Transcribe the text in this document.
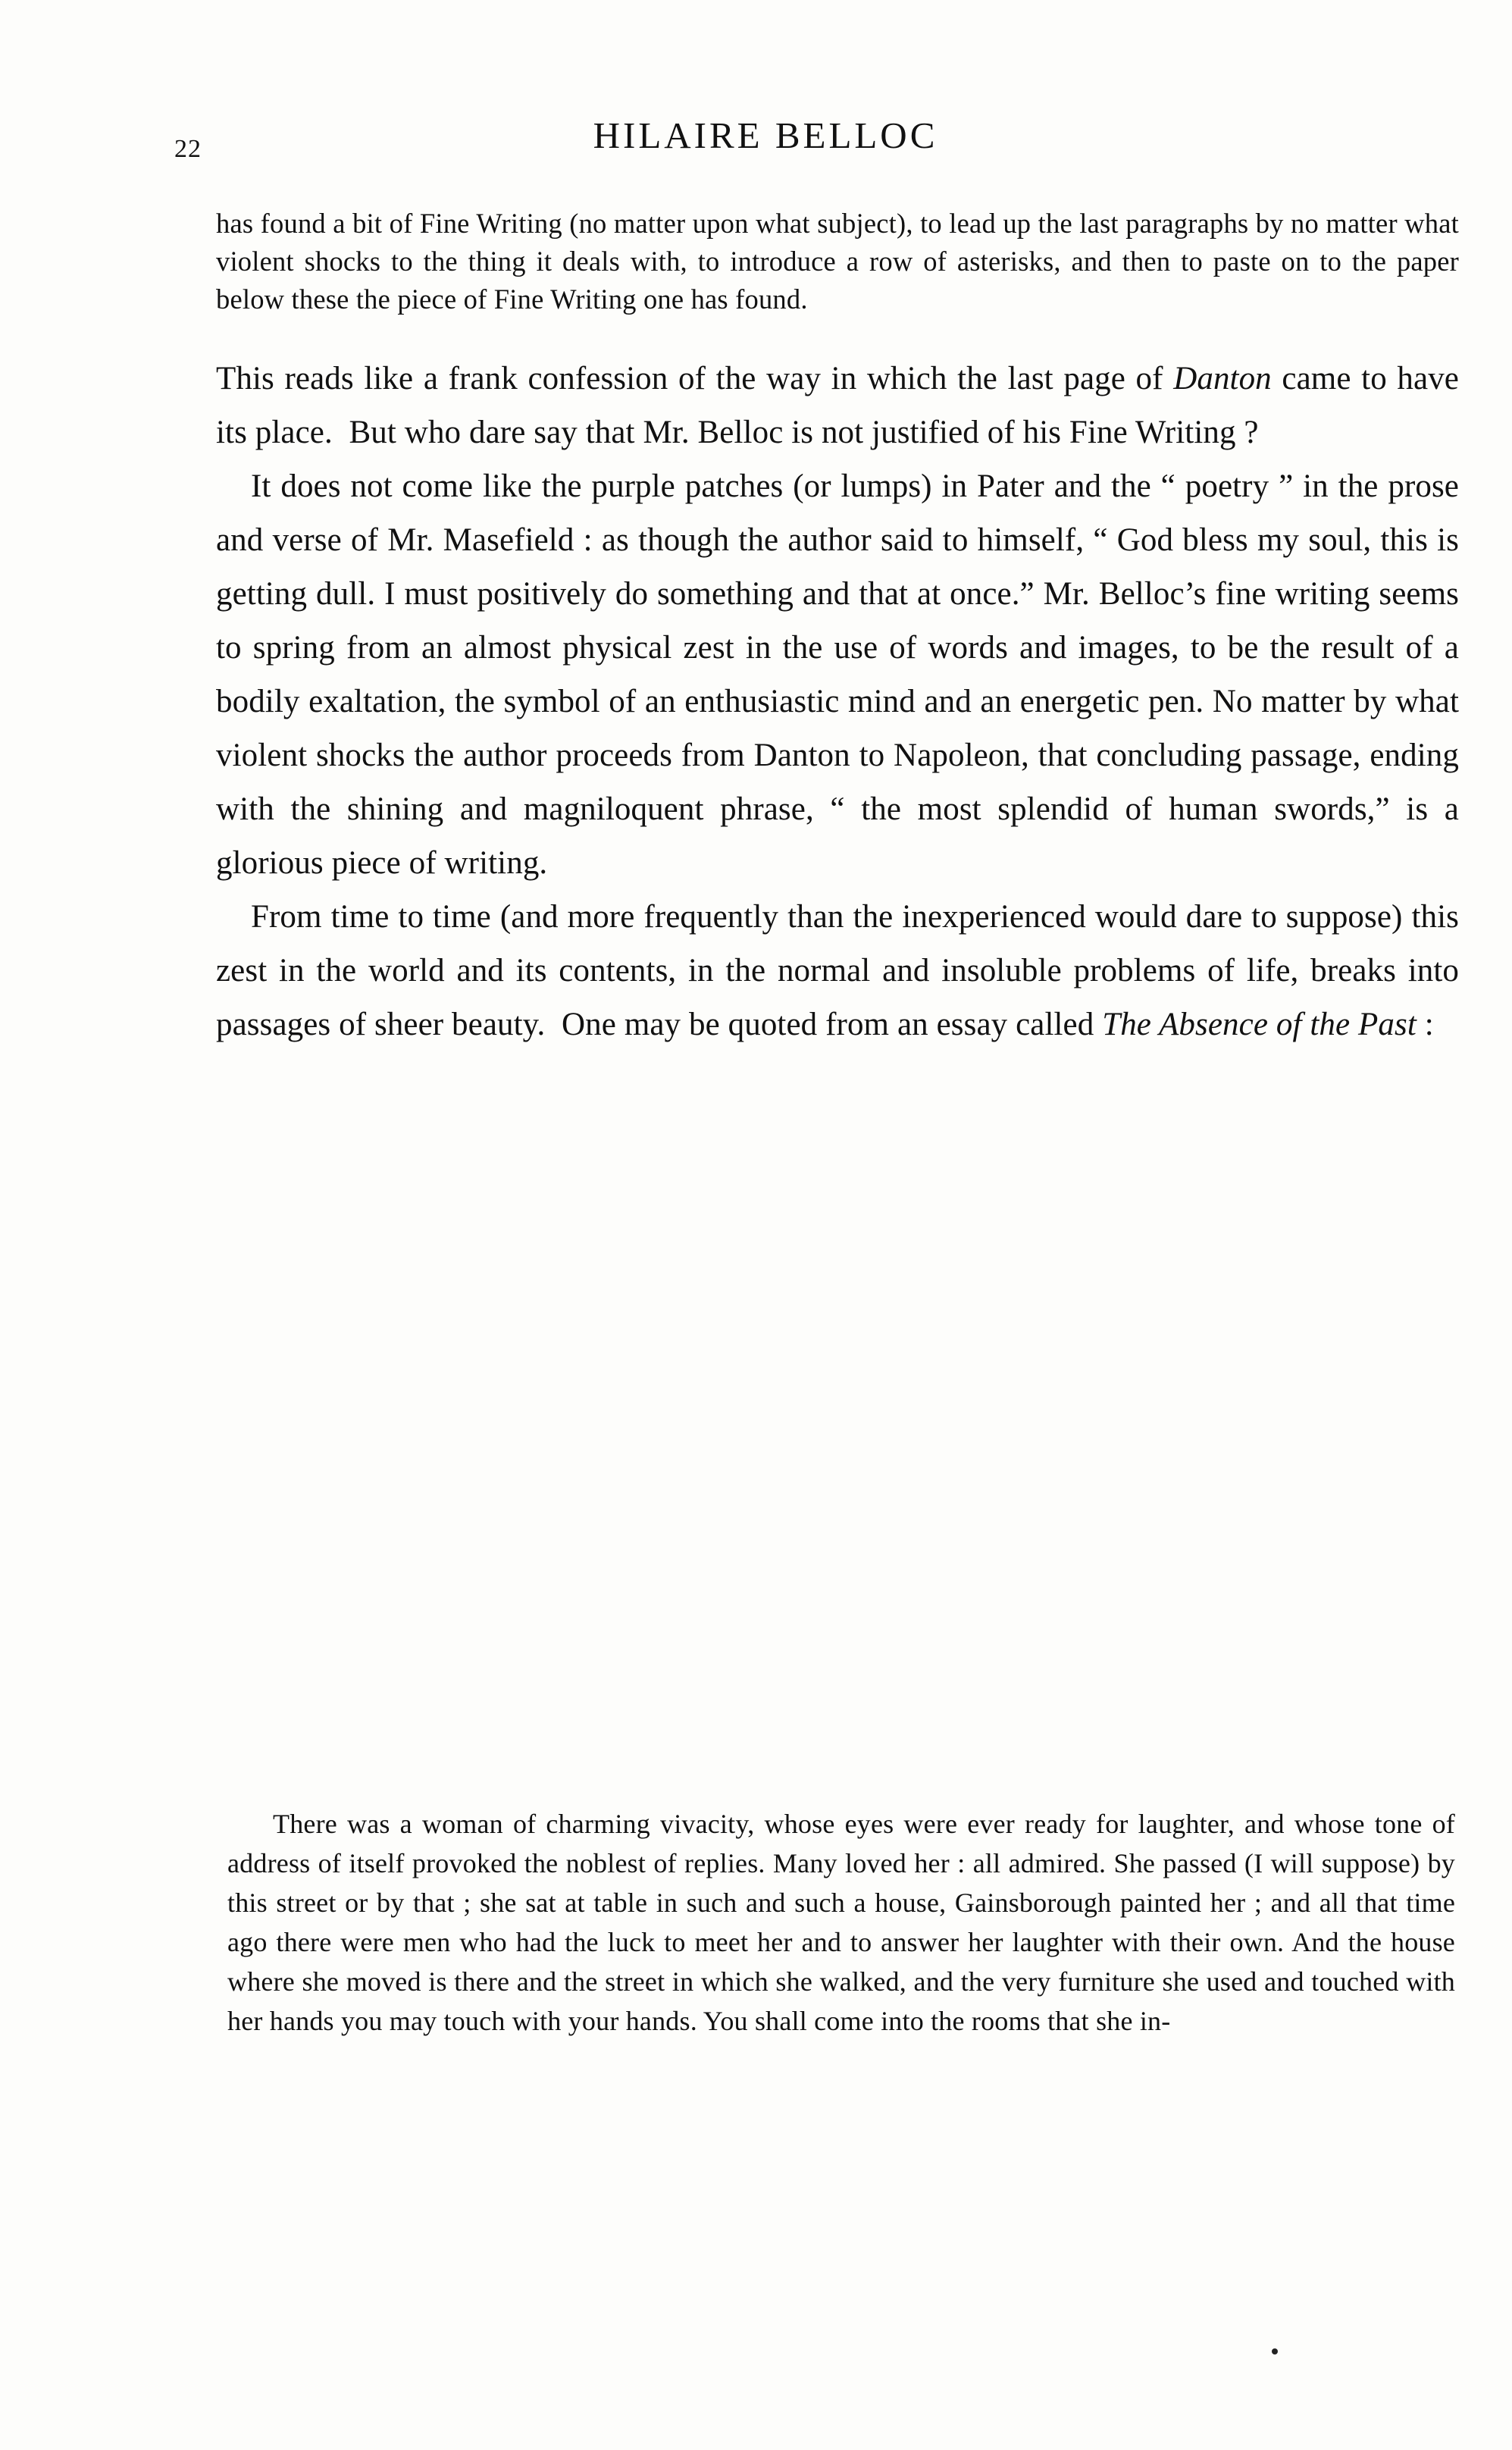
22	HILAIRE BELLOC

has found a bit of Fine Writing (no matter upon what subject), to lead up the last paragraphs by no matter what violent shocks to the thing it deals with, to introduce a row of asterisks, and then to paste on to the paper below these the piece of Fine Writing one has found.

This reads like a frank confession of the way in which the last page of Danton came to have its place.  But who dare say that Mr. Belloc is not justified of his Fine Writing ?

It does not come like the purple patches (or lumps) in Pater and the “ poetry ” in the prose and verse of Mr. Masefield : as though the author said to himself, “ God bless my soul, this is getting dull. I must positively do something and that at once.” Mr. Belloc’s fine writing seems to spring from an almost physical zest in the use of words and images, to be the result of a bodily exaltation, the symbol of an enthusiastic mind and an energetic pen. No matter by what violent shocks the author proceeds from Danton to Napoleon, that concluding passage, ending with the shining and magniloquent phrase, “ the most splendid of human swords,” is a glorious piece of writing.

From time to time (and more frequently than the inexperienced would dare to suppose) this zest in the world and its contents, in the normal and insoluble problems of life, breaks into passages of sheer beauty.  One may be quoted from an essay called The Absence of the Past :

There was a woman of charming vivacity, whose eyes were ever ready for laughter, and whose tone of address of itself provoked the noblest of replies. Many loved her : all admired. She passed (I will suppose) by this street or by that ; she sat at table in such and such a house, Gainsborough painted her ; and all that time ago there were men who had the luck to meet her and to answer her laughter with their own. And the house where she moved is there and the street in which she walked, and the very furniture she used and touched with her hands you may touch with your hands. You shall come into the rooms that she in-
